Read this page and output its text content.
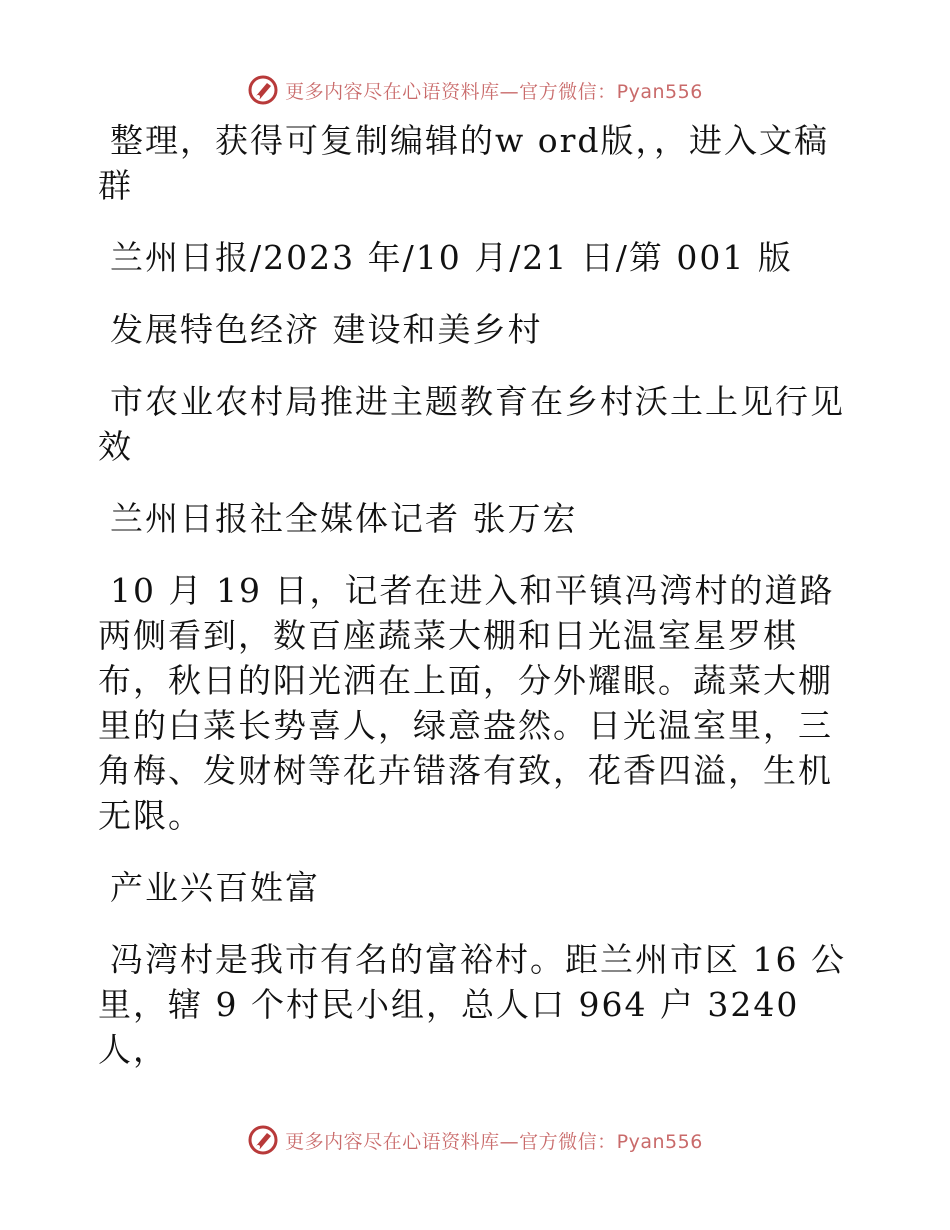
更多内容尽在心语资料库—官方微信：Pyan556

整理，获得可复制编辑的w ord版，，进入文稿群

兰州日报/2023 年/10 月/21 日/第 001 版

发展特色经济 建设和美乡村

市农业农村局推进主题教育在乡村沃土上见行见效

兰州日报社全媒体记者 张万宏

10 月 19 日，记者在进入和平镇冯湾村的道路两侧看到，数百座蔬菜大棚和日光温室星罗棋布，秋日的阳光洒在上面，分外耀眼。蔬菜大棚里的白菜长势喜人，绿意盎然。日光温室里，三角梅、发财树等花卉错落有致，花香四溢，生机无限。

产业兴百姓富

冯湾村是我市有名的富裕村。距兰州市区 16 公里，辖 9 个村民小组，总人口 964 户 3240 人，

更多内容尽在心语资料库—官方微信：Pyan556
